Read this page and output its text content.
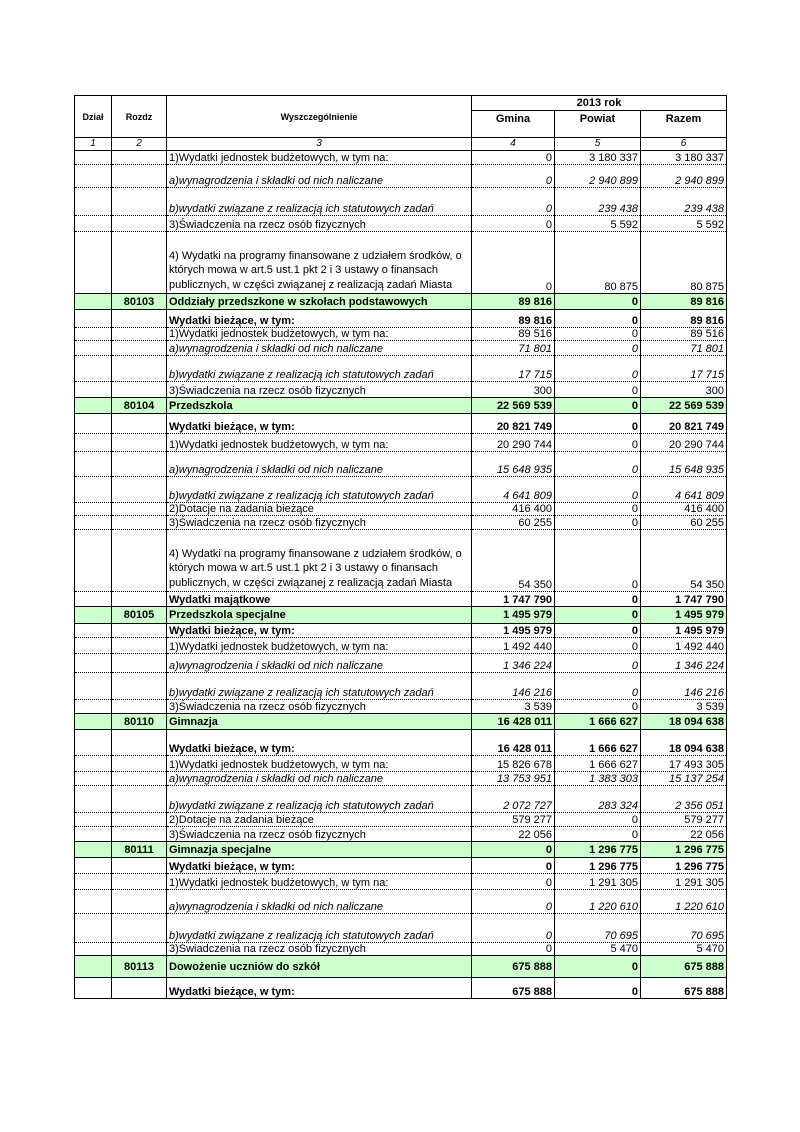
Dział	Rozdz	Wyszczególnienie	2013 rok		
			Gmina	Powiat	Razem
1	2	3	4	5	6
		1)Wydatki jednostek budżetowych, w tym na:	0	3 180 337	3 180 337
		a)wynagrodzenia i składki od nich naliczane	0	2 940 899	2 940 899
		b)wydatki związane z realizacją ich statutowych zadań	0	239 438	239 438
		3)Świadczenia na rzecz osób fizycznych	0	5 592	5 592
		4) Wydatki na programy finansowane z udziałem środków, o których mowa w art.5 ust.1 pkt 2 i 3 ustawy o finansach publicznych, w części związanej z realizacją zadań Miasta	0	80 875	80 875
	80103	Oddziały przedszkone w szkołach podstawowych	89 816	0	89 816
		Wydatki bieżące, w tym:	89 816	0	89 816
		1)Wydatki jednostek budżetowych, w tym na:	89 516	0	89 516
		a)wynagrodzenia i składki od nich naliczane	71 801	0	71 801
		b)wydatki związane z realizacją ich statutowych zadań	17 715	0	17 715
		3)Świadczenia na rzecz osób fizycznych	300	0	300
	80104	Przedszkola	22 569 539	0	22 569 539
		Wydatki bieżące, w tym:	20 821 749	0	20 821 749
		1)Wydatki jednostek budżetowych, w tym na:	20 290 744	0	20 290 744
		a)wynagrodzenia i składki od nich naliczane	15 648 935	0	15 648 935
		b)wydatki związane z realizacją ich statutowych zadań	4 641 809	0	4 641 809
		2)Dotacje na zadania bieżące	416 400	0	416 400
		3)Świadczenia na rzecz osób fizycznych	60 255	0	60 255
		4) Wydatki na programy finansowane z udziałem środków, o których mowa w art.5 ust.1 pkt 2 i 3 ustawy o finansach publicznych, w części związanej z realizacją zadań Miasta	54 350	0	54 350
		Wydatki majątkowe	1 747 790	0	1 747 790
	80105	Przedszkola specjalne	1 495 979	0	1 495 979
		Wydatki bieżące, w tym:	1 495 979	0	1 495 979
		1)Wydatki jednostek budżetowych, w tym na:	1 492 440	0	1 492 440
		a)wynagrodzenia i składki od nich naliczane	1 346 224	0	1 346 224
		b)wydatki związane z realizacją ich statutowych zadań	146 216	0	146 216
		3)Świadczenia na rzecz osób fizycznych	3 539	0	3 539
	80110	Gimnazja	16 428 011	1 666 627	18 094 638
		Wydatki bieżące, w tym:	16 428 011	1 666 627	18 094 638
		1)Wydatki jednostek budżetowych, w tym na:	15 826 678	1 666 627	17 493 305
		a)wynagrodzenia i składki od nich naliczane	13 753 951	1 383 303	15 137 254
		b)wydatki związane z realizacją ich statutowych zadań	2 072 727	283 324	2 356 051
		2)Dotacje na zadania bieżące	579 277	0	579 277
		3)Świadczenia na rzecz osób fizycznych	22 056	0	22 056
	80111	Gimnazja specjalne	0	1 296 775	1 296 775
		Wydatki bieżące, w tym:	0	1 296 775	1 296 775
		1)Wydatki jednostek budżetowych, w tym na:	0	1 291 305	1 291 305
		a)wynagrodzenia i składki od nich naliczane	0	1 220 610	1 220 610
		b)wydatki związane z realizacją ich statutowych zadań	0	70 695	70 695
		3)Świadczenia na rzecz osób fizycznych	0	5 470	5 470
	80113	Dowożenie uczniów do szkół	675 888	0	675 888
		Wydatki bieżące, w tym:	675 888	0	675 888
